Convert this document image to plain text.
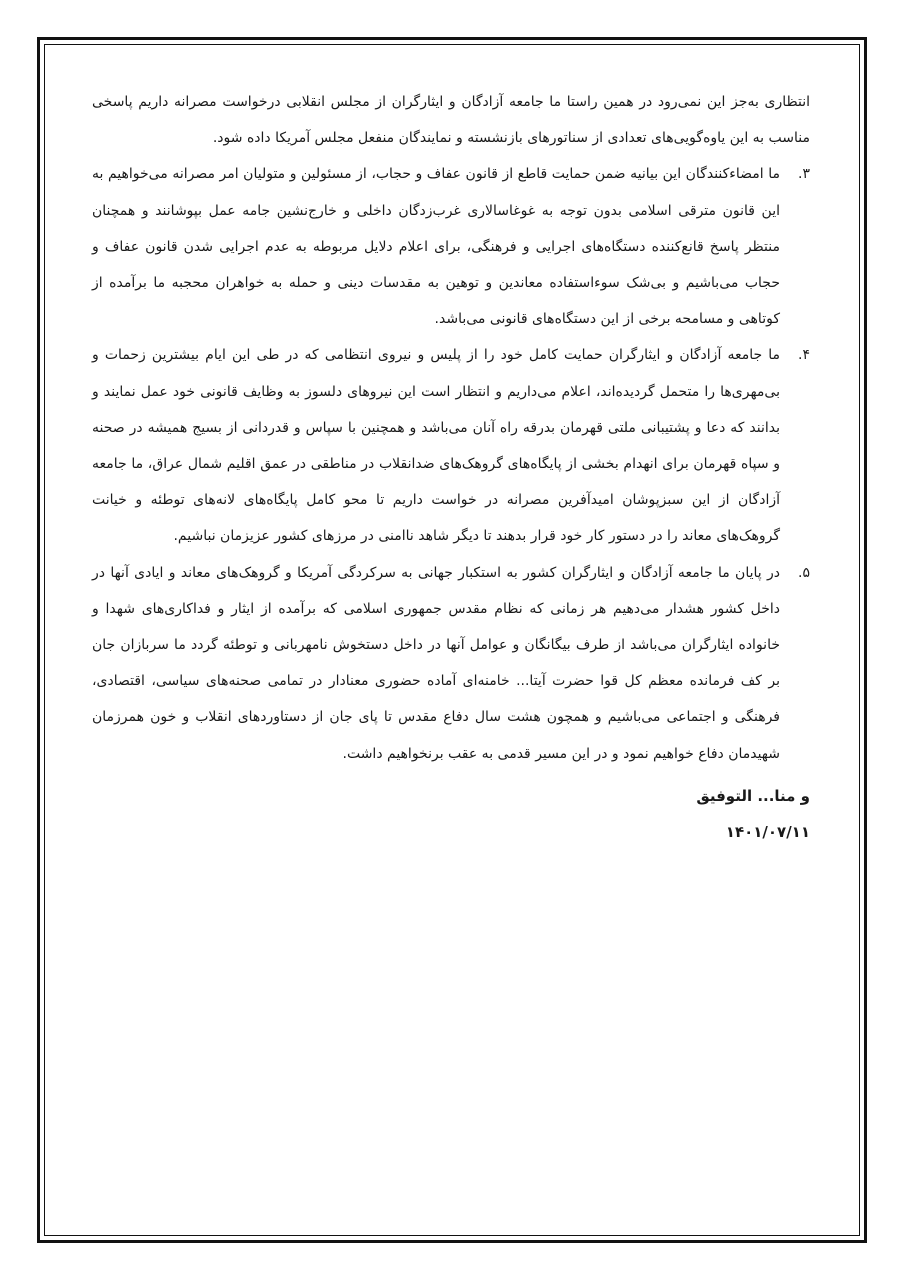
انتظاری به‌جز این نمی‌رود در همین راستا ما جامعه آزادگان و ایثارگران از مجلس انقلابی درخواست مصرانه داریم پاسخی مناسب به این یاوه‌گویی‌های تعدادی از سناتورهای بازنشسته و نمایندگان منفعل مجلس آمریکا داده شود.

۳.

ما امضاءکنندگان این بیانیه ضمن حمایت قاطع از قانون عفاف و حجاب، از مسئولین و متولیان امر مصرانه می‌خواهیم به این قانون مترقی اسلامی بدون توجه به غوغاسالاری غرب‌زدگان داخلی و خارج‌نشین جامه عمل بپوشانند و همچنان منتظر پاسخ قانع‌کننده دستگاه‌های اجرایی و فرهنگی، برای اعلام دلایل مربوطه به عدم اجرایی شدن قانون عفاف و حجاب می‌باشیم و بی‌شک سوءاستفاده معاندین و توهین به مقدسات دینی و حمله به خواهران محجبه ما برآمده از کوتاهی و مسامحه برخی از این دستگاه‌های قانونی می‌باشد.

۴.

ما جامعه آزادگان و ایثارگران حمایت کامل خود را از پلیس و نیروی انتظامی که در طی این ایام بیشترین زحمات و بی‌مهری‌ها را متحمل گردیده‌اند، اعلام می‌داریم و انتظار است این نیروهای دلسوز به وظایف قانونی خود عمل نمایند و بدانند که دعا و پشتیبانی ملتی قهرمان بدرقه راه آنان می‌باشد و همچنین با سپاس و قدردانی از بسیج همیشه در صحنه و سپاه قهرمان برای انهدام بخشی از پایگاه‌های گروهک‌های ضدانقلاب در مناطقی در عمق اقلیم شمال عراق، ما جامعه آزادگان از این سبزپوشان امیدآفرین مصرانه در خواست داریم تا محو کامل پایگاه‌های لانه‌های توطئه و خیانت گروهک‌های معاند را در دستور کار خود قرار بدهند تا دیگر شاهد ناامنی در مرزهای کشور عزیزمان نباشیم.

۵.

در پایان ما جامعه آزادگان و ایثارگران کشور به استکبار جهانی به سرکردگی آمریکا و گروهک‌های معاند و ایادی آنها در داخل کشور هشدار می‌دهیم هر زمانی که نظام مقدس جمهوری اسلامی که برآمده از ایثار و فداکاری‌های شهدا و خانواده ایثارگران می‌باشد از طرف بیگانگان و عوامل آنها در داخل دستخوش نامهربانی و توطئه گردد ما سربازان جان بر کف فرمانده معظم کل قوا حضرت آیتا... خامنه‌ای آماده حضوری معنادار در تمامی صحنه‌های سیاسی، اقتصادی، فرهنگی و اجتماعی می‌باشیم و همچون هشت سال دفاع مقدس تا پای جان از دستاوردهای انقلاب و خون همرزمان شهیدمان دفاع خواهیم نمود و در این مسیر قدمی به عقب برنخواهیم داشت.

و منا... التوفیق
۱۴۰۱/۰۷/۱۱
